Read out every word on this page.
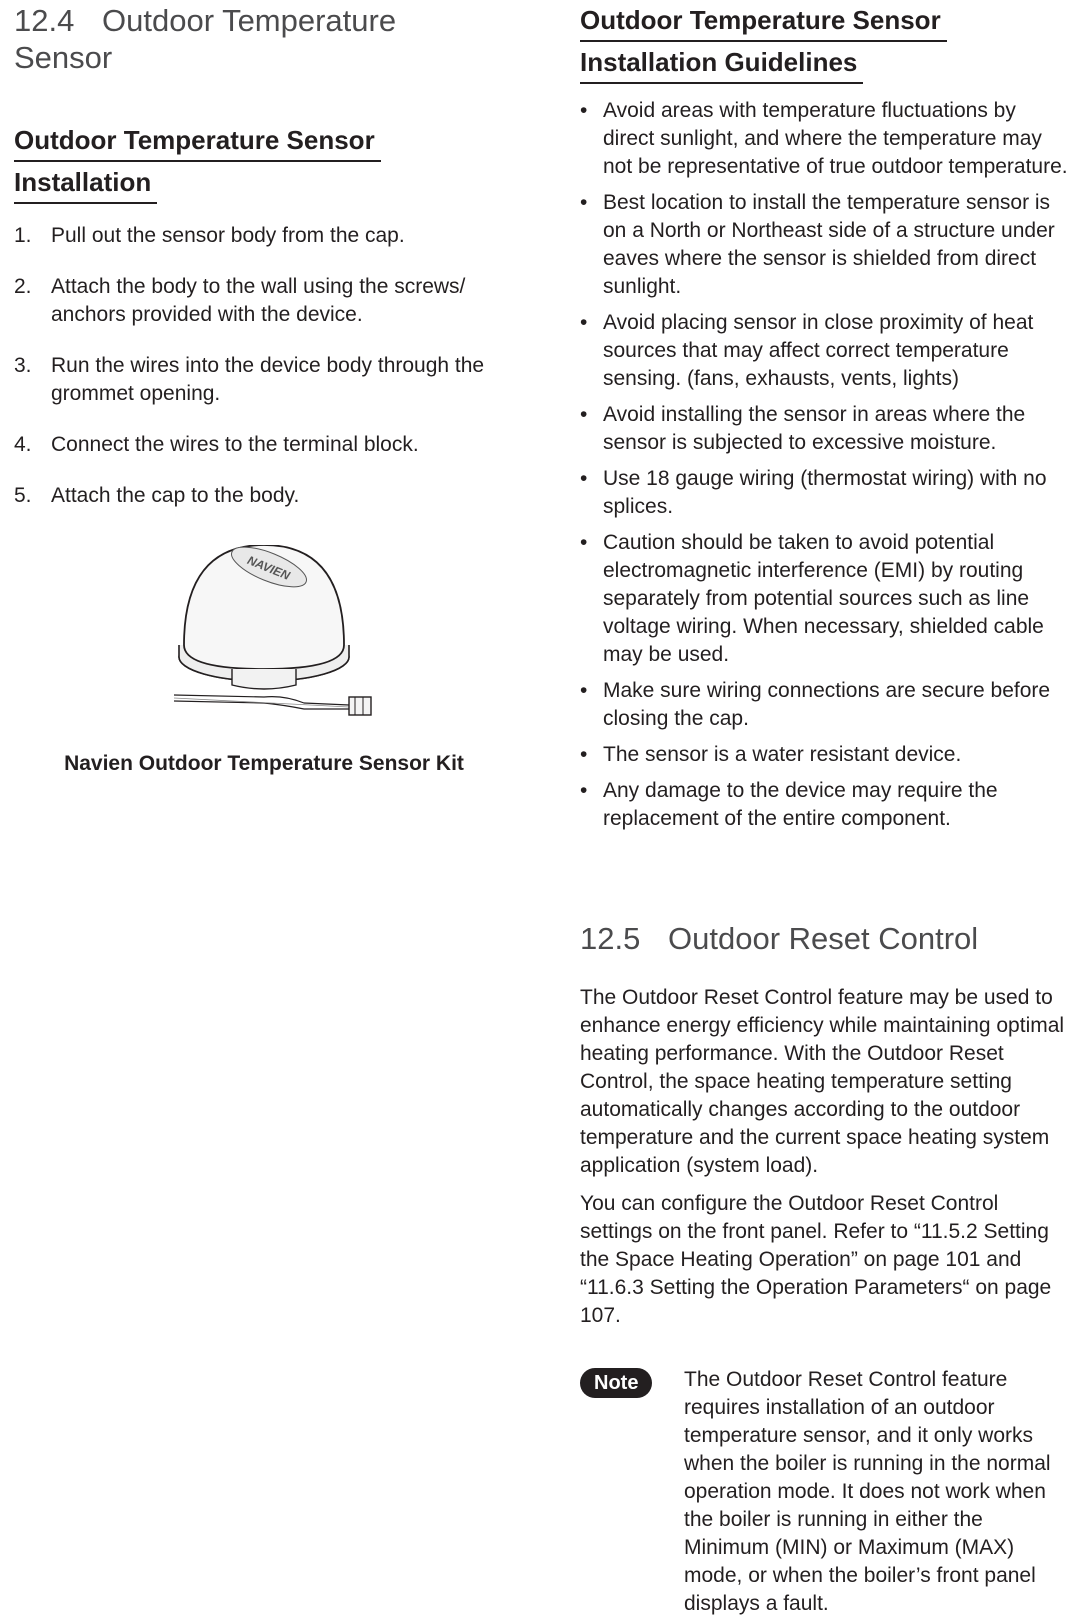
12.4 Outdoor Temperature
Sensor
Outdoor Temperature Sensor
Installation
1. Pull out the sensor body from the cap.
2. Attach the body to the wall using the screws/ anchors provided with the device.
3. Run the wires into the device body through the grommet opening.
4. Connect the wires to the terminal block.
5. Attach the cap to the body.
NAVIEN
Navien Outdoor Temperature Sensor Kit
Outdoor Temperature Sensor
Installation Guidelines
• Avoid areas with temperature fluctuations by direct sunlight, and where the temperature may not be representative of true outdoor temperature.
• Best location to install the temperature sensor is on a North or Northeast side of a structure under eaves where the sensor is shielded from direct sunlight.
• Avoid placing sensor in close proximity of heat sources that may affect correct temperature sensing. (fans, exhausts, vents, lights)
• Avoid installing the sensor in areas where the sensor is subjected to excessive moisture.
• Use 18 gauge wiring (thermostat wiring) with no splices.
• Caution should be taken to avoid potential electromagnetic interference (EMI) by routing separately from potential sources such as line voltage wiring. When necessary, shielded cable may be used.
• Make sure wiring connections are secure before closing the cap.
• The sensor is a water resistant device.
• Any damage to the device may require the replacement of the entire component.
12.5 Outdoor Reset Control

The Outdoor Reset Control feature may be used to enhance energy efficiency while maintaining optimal heating performance. With the Outdoor Reset Control, the space heating temperature setting automatically changes according to the outdoor temperature and the current space heating system application (system load).

You can configure the Outdoor Reset Control settings on the front panel. Refer to “11.5.2 Setting the Space Heating Operation” on page 101 and “11.6.3 Setting the Operation Parameters“ on page 107.

Note	The Outdoor Reset Control feature requires installation of an outdoor temperature sensor, and it only works when the boiler is running in the normal operation mode. It does not work when the boiler is running in either the Minimum (MIN) or Maximum (MAX) mode, or when the boiler’s front panel displays a fault.
